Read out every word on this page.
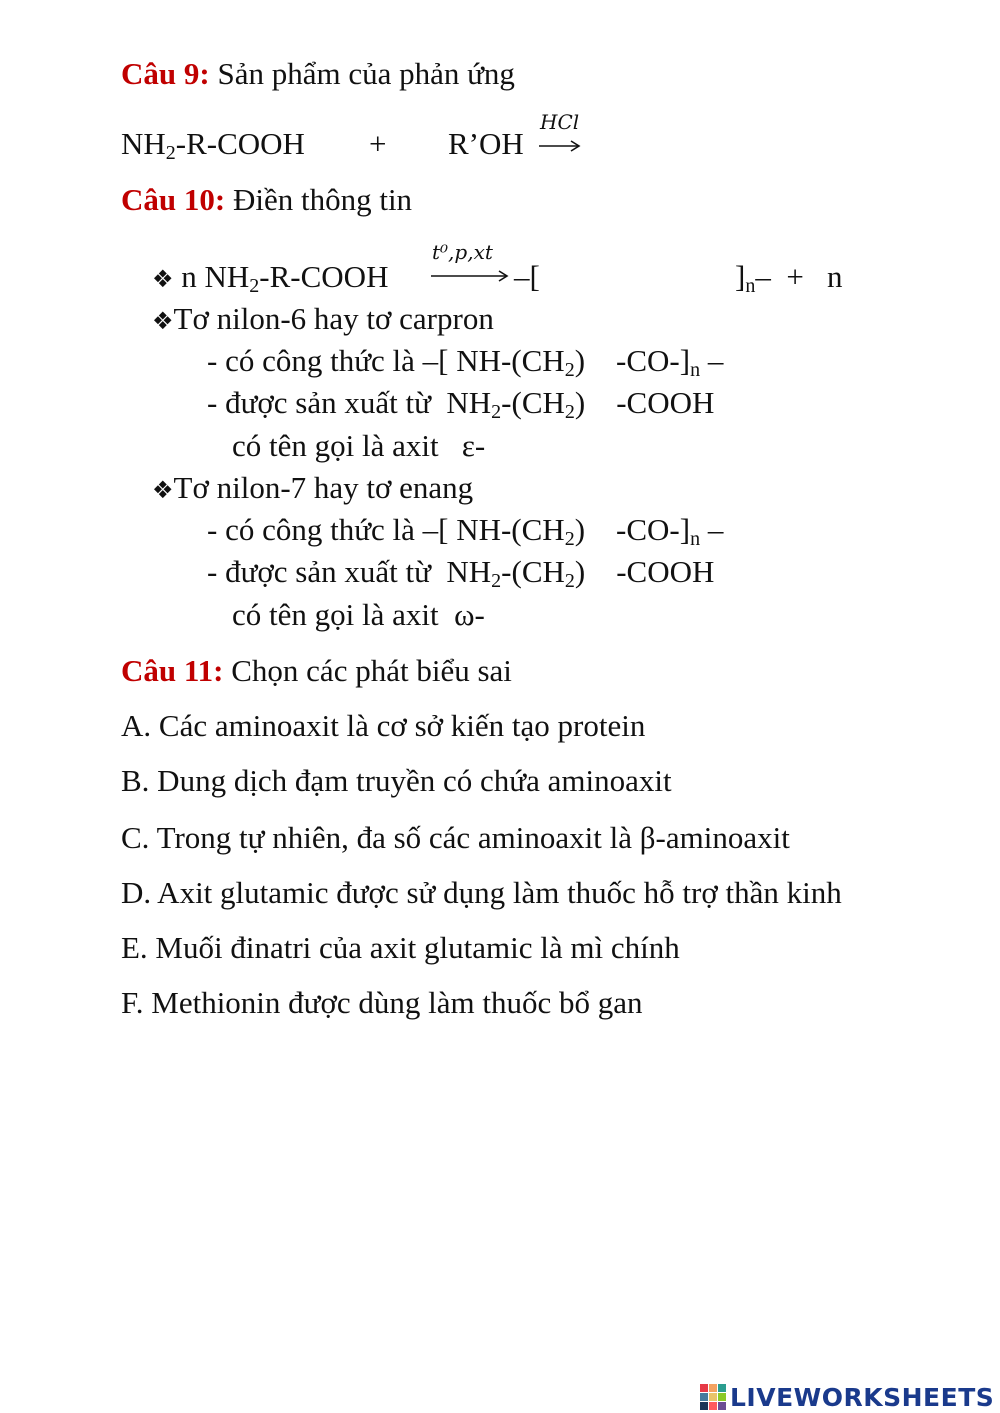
Câu 9: Sản phẩm của phản ứng
$NH_2-R$-COOH + R’OH
HCl
Câu 10: Điền thông tin
❖ n $NH_2-R$-COOH
t⁰,p,xt
–[	]$_n- + n$
❖Tơ nilon-6 hay tơ carpron
- có công thức là –[ $NH-(CH_2)$    $-CO-]_n$ –
- được sản xuất từ  $NH_2-(CH_2)$    -COOH
có tên gọi là axit   ε-
❖Tơ nilon-7 hay tơ enang
- có công thức là –[ $NH-(CH_2)$    $-CO-]_n$ –
- được sản xuất từ  $NH_2-(CH_2)$    -COOH
có tên gọi là axit  ω-
Câu 11: Chọn các phát biểu sai
A. Các aminoaxit là cơ sở kiến tạo protein
B. Dung dịch đạm truyền có chứa aminoaxit
C. Trong tự nhiên, đa số các aminoaxit là β-aminoaxit
D. Axit glutamic được sử dụng làm thuốc hỗ trợ thần kinh
E. Muối đinatri của axit glutamic là mì chính
F. Methionin được dùng làm thuốc bổ gan
LIVEWORKSHEETS
